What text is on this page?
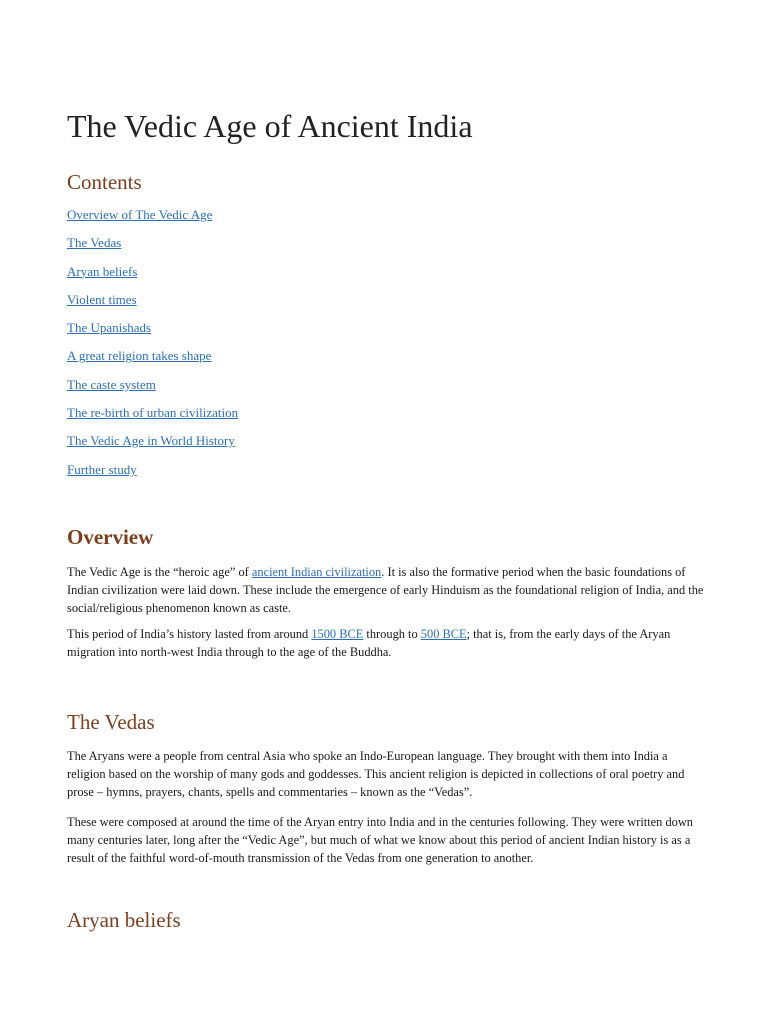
The Vedic Age of Ancient India
Contents
Overview of The Vedic Age
The Vedas
Aryan beliefs
Violent times
The Upanishads
A great religion takes shape
The caste system
The re-birth of urban civilization
The Vedic Age in World History
Further study
Overview

The Vedic Age is the “heroic age” of ancient Indian civilization. It is also the formative period when the basic foundations of Indian civilization were laid down. These include the emergence of early Hinduism as the foundational religion of India, and the social/religious phenomenon known as caste.

This period of India’s history lasted from around 1500 BCE through to 500 BCE; that is, from the early days of the Aryan migration into north-west India through to the age of the Buddha.

The Vedas

The Aryans were a people from central Asia who spoke an Indo-European language. They brought with them into India a religion based on the worship of many gods and goddesses. This ancient religion is depicted in collections of oral poetry and prose – hymns, prayers, chants, spells and commentaries – known as the “Vedas”.

These were composed at around the time of the Aryan entry into India and in the centuries following. They were written down many centuries later, long after the “Vedic Age”, but much of what we know about this period of ancient Indian history is as a result of the faithful word-of-mouth transmission of the Vedas from one generation to another.

Aryan beliefs
